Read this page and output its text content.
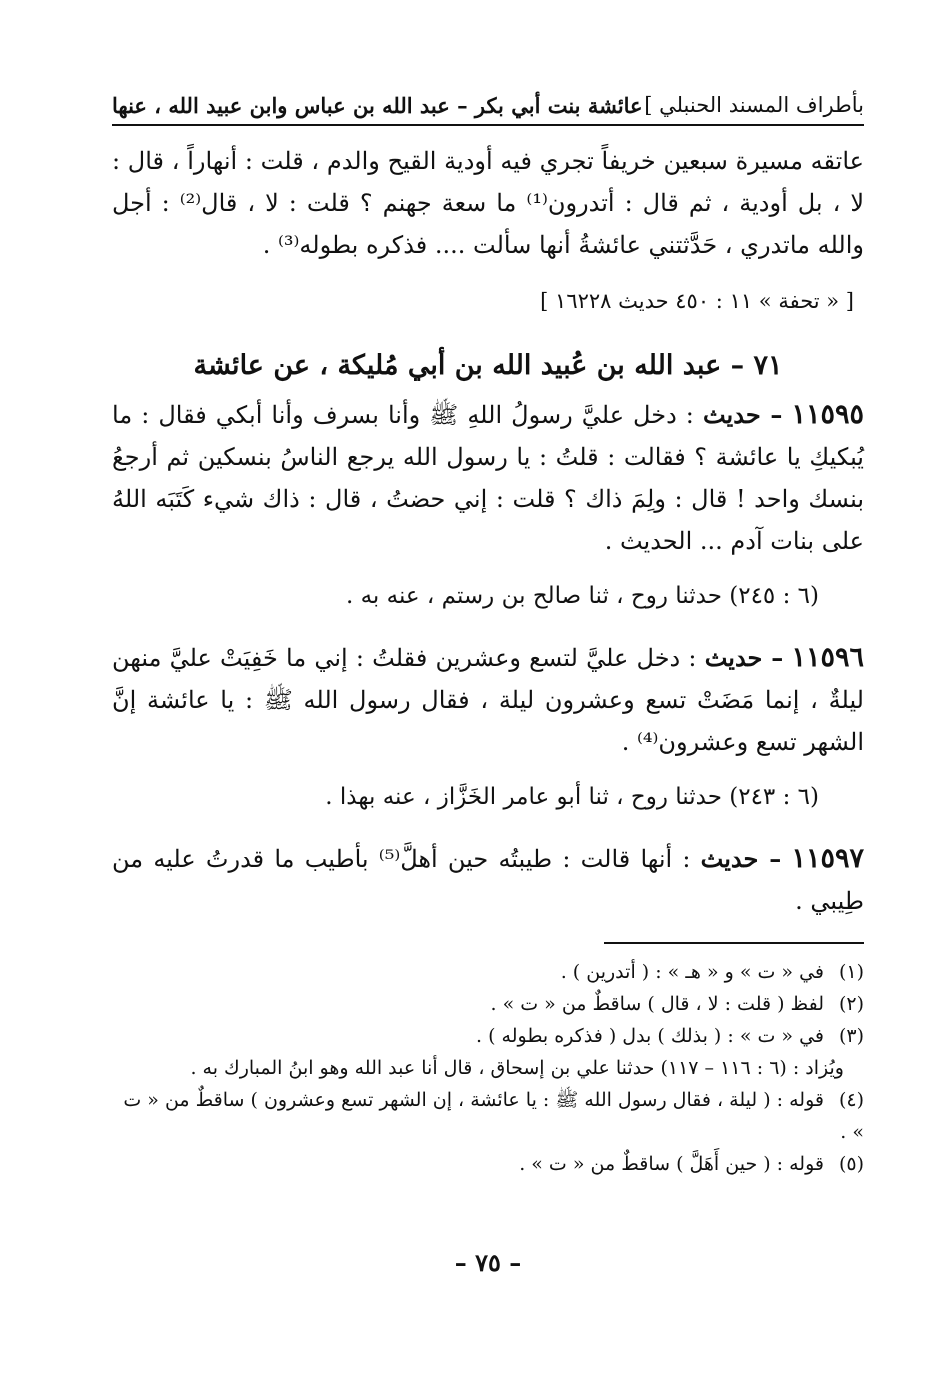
بأطراف المسند الحنبلي ]
عائشة بنت أبي بكر – عبد الله بن عباس وابن عبيد الله ، عنها

عاتقه مسيرة سبعين خريفاً تجري فيه أودية القيح والدم ، قلت : أنهاراً ، قال : لا ، بل أودية ، ثم قال : أتدرون⁽¹⁾ ما سعة جهنم ؟ قلت : لا ، قال⁽²⁾ : أجل والله ماتدري ، حَدَّثتني عائشةُ أنها سألت .... فذكره بطوله⁽³⁾ .

[ « تحفة » ١١ : ٤٥٠ حديث ١٦٢٢٨ ]

٧١ – عبد الله بن عُبيد الله بن أبي مُليكة ، عن عائشة

١١٥٩٥ – حديث : دخل عليَّ رسولُ اللهِ ﷺ وأنا بسرف وأنا أبكي فقال : ما يُبكيكِ يا عائشة ؟ فقالت : قلتُ : يا رسول الله يرجع الناسُ بنسكين ثم أرجعُ بنسك واحد ! قال : ولِمَ ذاك ؟ قلت : إني حضتُ ، قال : ذاك شيء كَتَبَه اللهُ على بنات آدم ... الحديث .

(٦ : ٢٤٥) حدثنا روح ، ثنا صالح بن رستم ، عنه به .

١١٥٩٦ – حديث : دخل عليَّ لتسع وعشرين فقلتُ : إني ما خَفِيَتْ عليَّ منهن ليلةٌ ، إنما مَضَتْ تسع وعشرون ليلة ، فقال رسول الله ﷺ : يا عائشة إنَّ الشهر تسع وعشرون⁽⁴⁾ .

(٦ : ٢٤٣) حدثنا روح ، ثنا أبو عامر الخَزَّاز ، عنه بهذا .

١١٥٩٧ – حديث : أنها قالت : طيبتُه حين أهلَّ⁽⁵⁾ بأطيب ما قدرتُ عليه من طِيبي .

(١)في « ت » و « هـ » : ( أتدرين ) .

(٢)لفظ ( قلت : لا ، قال ) ساقطٌ من « ت » .

(٣)في « ت » : ( بذلك ) بدل ( فذكره بطوله ) .

ويُزاد : (٦ : ١١٦ – ١١٧) حدثنا علي بن إسحاق ، قال أنا عبد الله وهو ابنُ المبارك به .

(٤)قوله : ( ليلة ، فقال رسول الله ﷺ : يا عائشة ، إن الشهر تسع وعشرون ) ساقطٌ من « ت » .

(٥)قوله : ( حين أَهَلَّ ) ساقطٌ من « ت » .

– ٧٥ –
